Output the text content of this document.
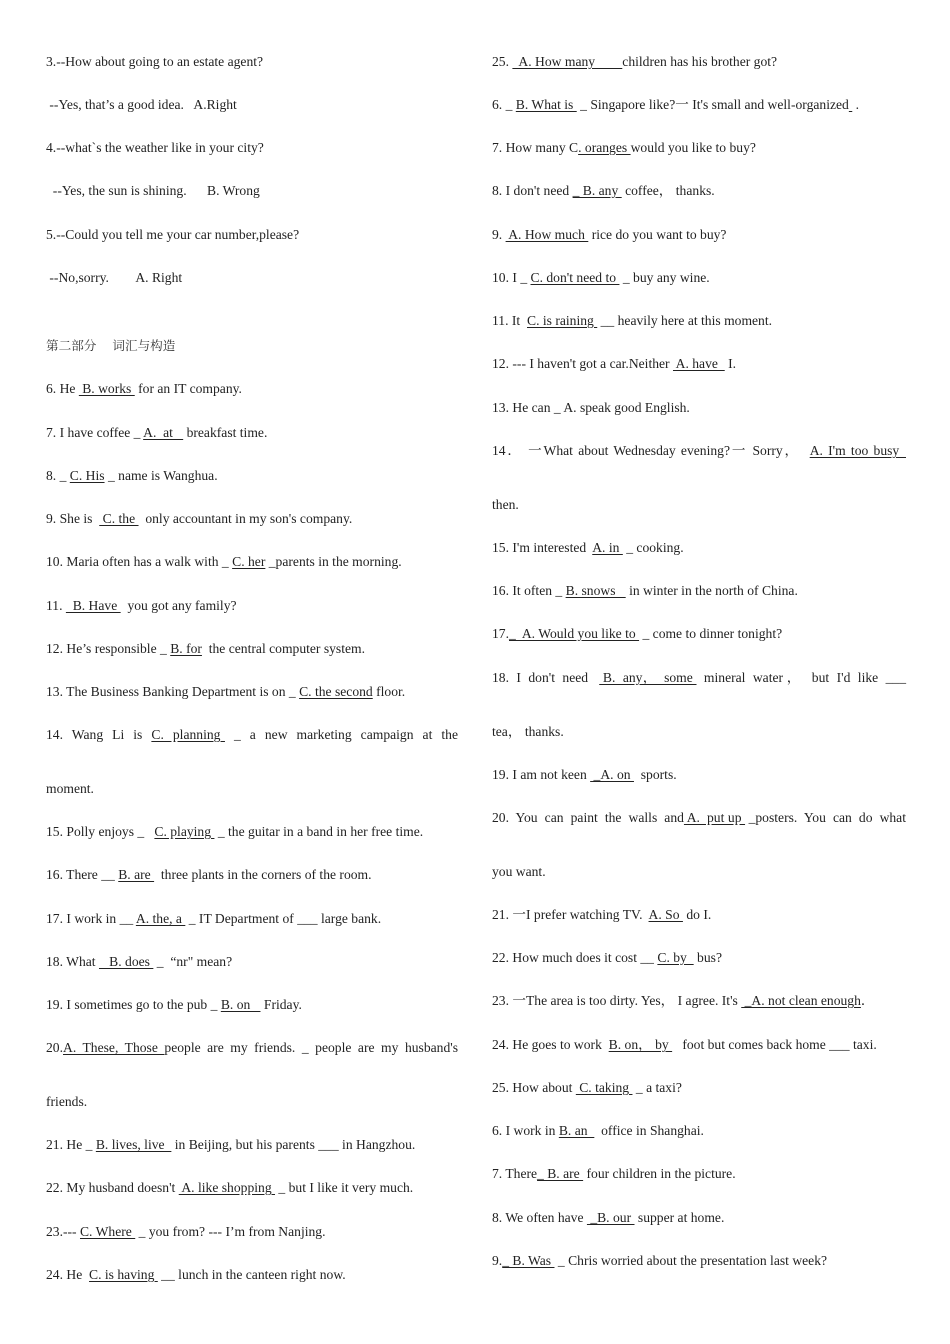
3.--How about going to an estate agent?
--Yes, that’s a good idea.   A.Right
4.--what`s the weather like in your city?
--Yes, the sun is shining.      B. Wrong
5.--Could you tell me your car number,please?
--No,sorry.        A. Right
第二部分    词汇与构造
6. He  B. works  for an IT company.
7. I have coffee _ A.  at    breakfast time.
8. _ C. His _ name is Wanghua.
9. She is   C. the   only accountant in my son's company.
10. Maria often has a walk with _ C. her _parents in the morning.
11.   B. Have   you got any family?
12. He’s responsible _ B. for  the central computer system.
13. The Business Banking Department is on _ C. the second floor.
14.  Wang  Li  is  C.  planning   _  a  new  marketing  campaign  at  the
moment.
15. Polly enjoys _   C. playing  _ the guitar in a band in her free time.
16. There __ B. are   three plants in the corners of the room.
17. I work in __ A. the, a  _ IT Department of ___ large bank.
18. What    B. does  _  “nr" mean?
19. I sometimes go to the pub _ B. on    Friday.
20.A. These, Those people are my friends. _ people are my husband's
friends.
21. He _ B. lives, live   in Beijing, but his parents ___ in Hangzhou.
22. My husband doesn't  A. like shopping  _ but I like it very much.
23.--- C. Where  _ you from? --- I’m from Nanjing.
24. He  C. is having  __ lunch in the canteen right now.
25.   A. How many        children has his brother got?
6. _ B. What is  _ Singapore like?一 It's small and well-organized  .
7. How many C. oranges would you like to buy?
8. I don't need _ B. any  coffee， thanks.
9.  A. How much  rice do you want to buy?
10. I _ C. don't need to  _ buy any wine.
11. It  C. is raining  __ heavily here at this moment.
12. --- I haven't got a car.Neither  A. have   I.
13. He can _ A. speak good English.
14． 一What about Wednesday evening?一 Sorry，  A. I'm too busy
then.
15. I'm interested  A. in  _ cooking.
16. It often _ B. snows    in winter in the north of China.
17._  A. Would you like to  _ come to dinner tonight?
18.  I  don't  need    B.  any，  some   mineral  water ，   but  I'd  like  ___
tea， thanks.
19. I am not keen  _A. on   sports.
20.  You  can  paint  the  walls  and A.  put up  _posters.  You  can  do  what
you want.
21. 一I prefer watching TV.  A. So  do I.
22. How much does it cost __ C. by   bus?
23. 一The area is too dirty. Yes， I agree. It's  _A. not clean enough．
24. He goes to work  B. on， by    foot but comes back home ___ taxi.
25. How about  C. taking  _ a taxi?
6. I work in B. an    office in Shanghai.
7. There_ B. are  four children in the picture.
8. We often have  _B. our  supper at home.
9._ B. Was  _ Chris worried about the presentation last week?
